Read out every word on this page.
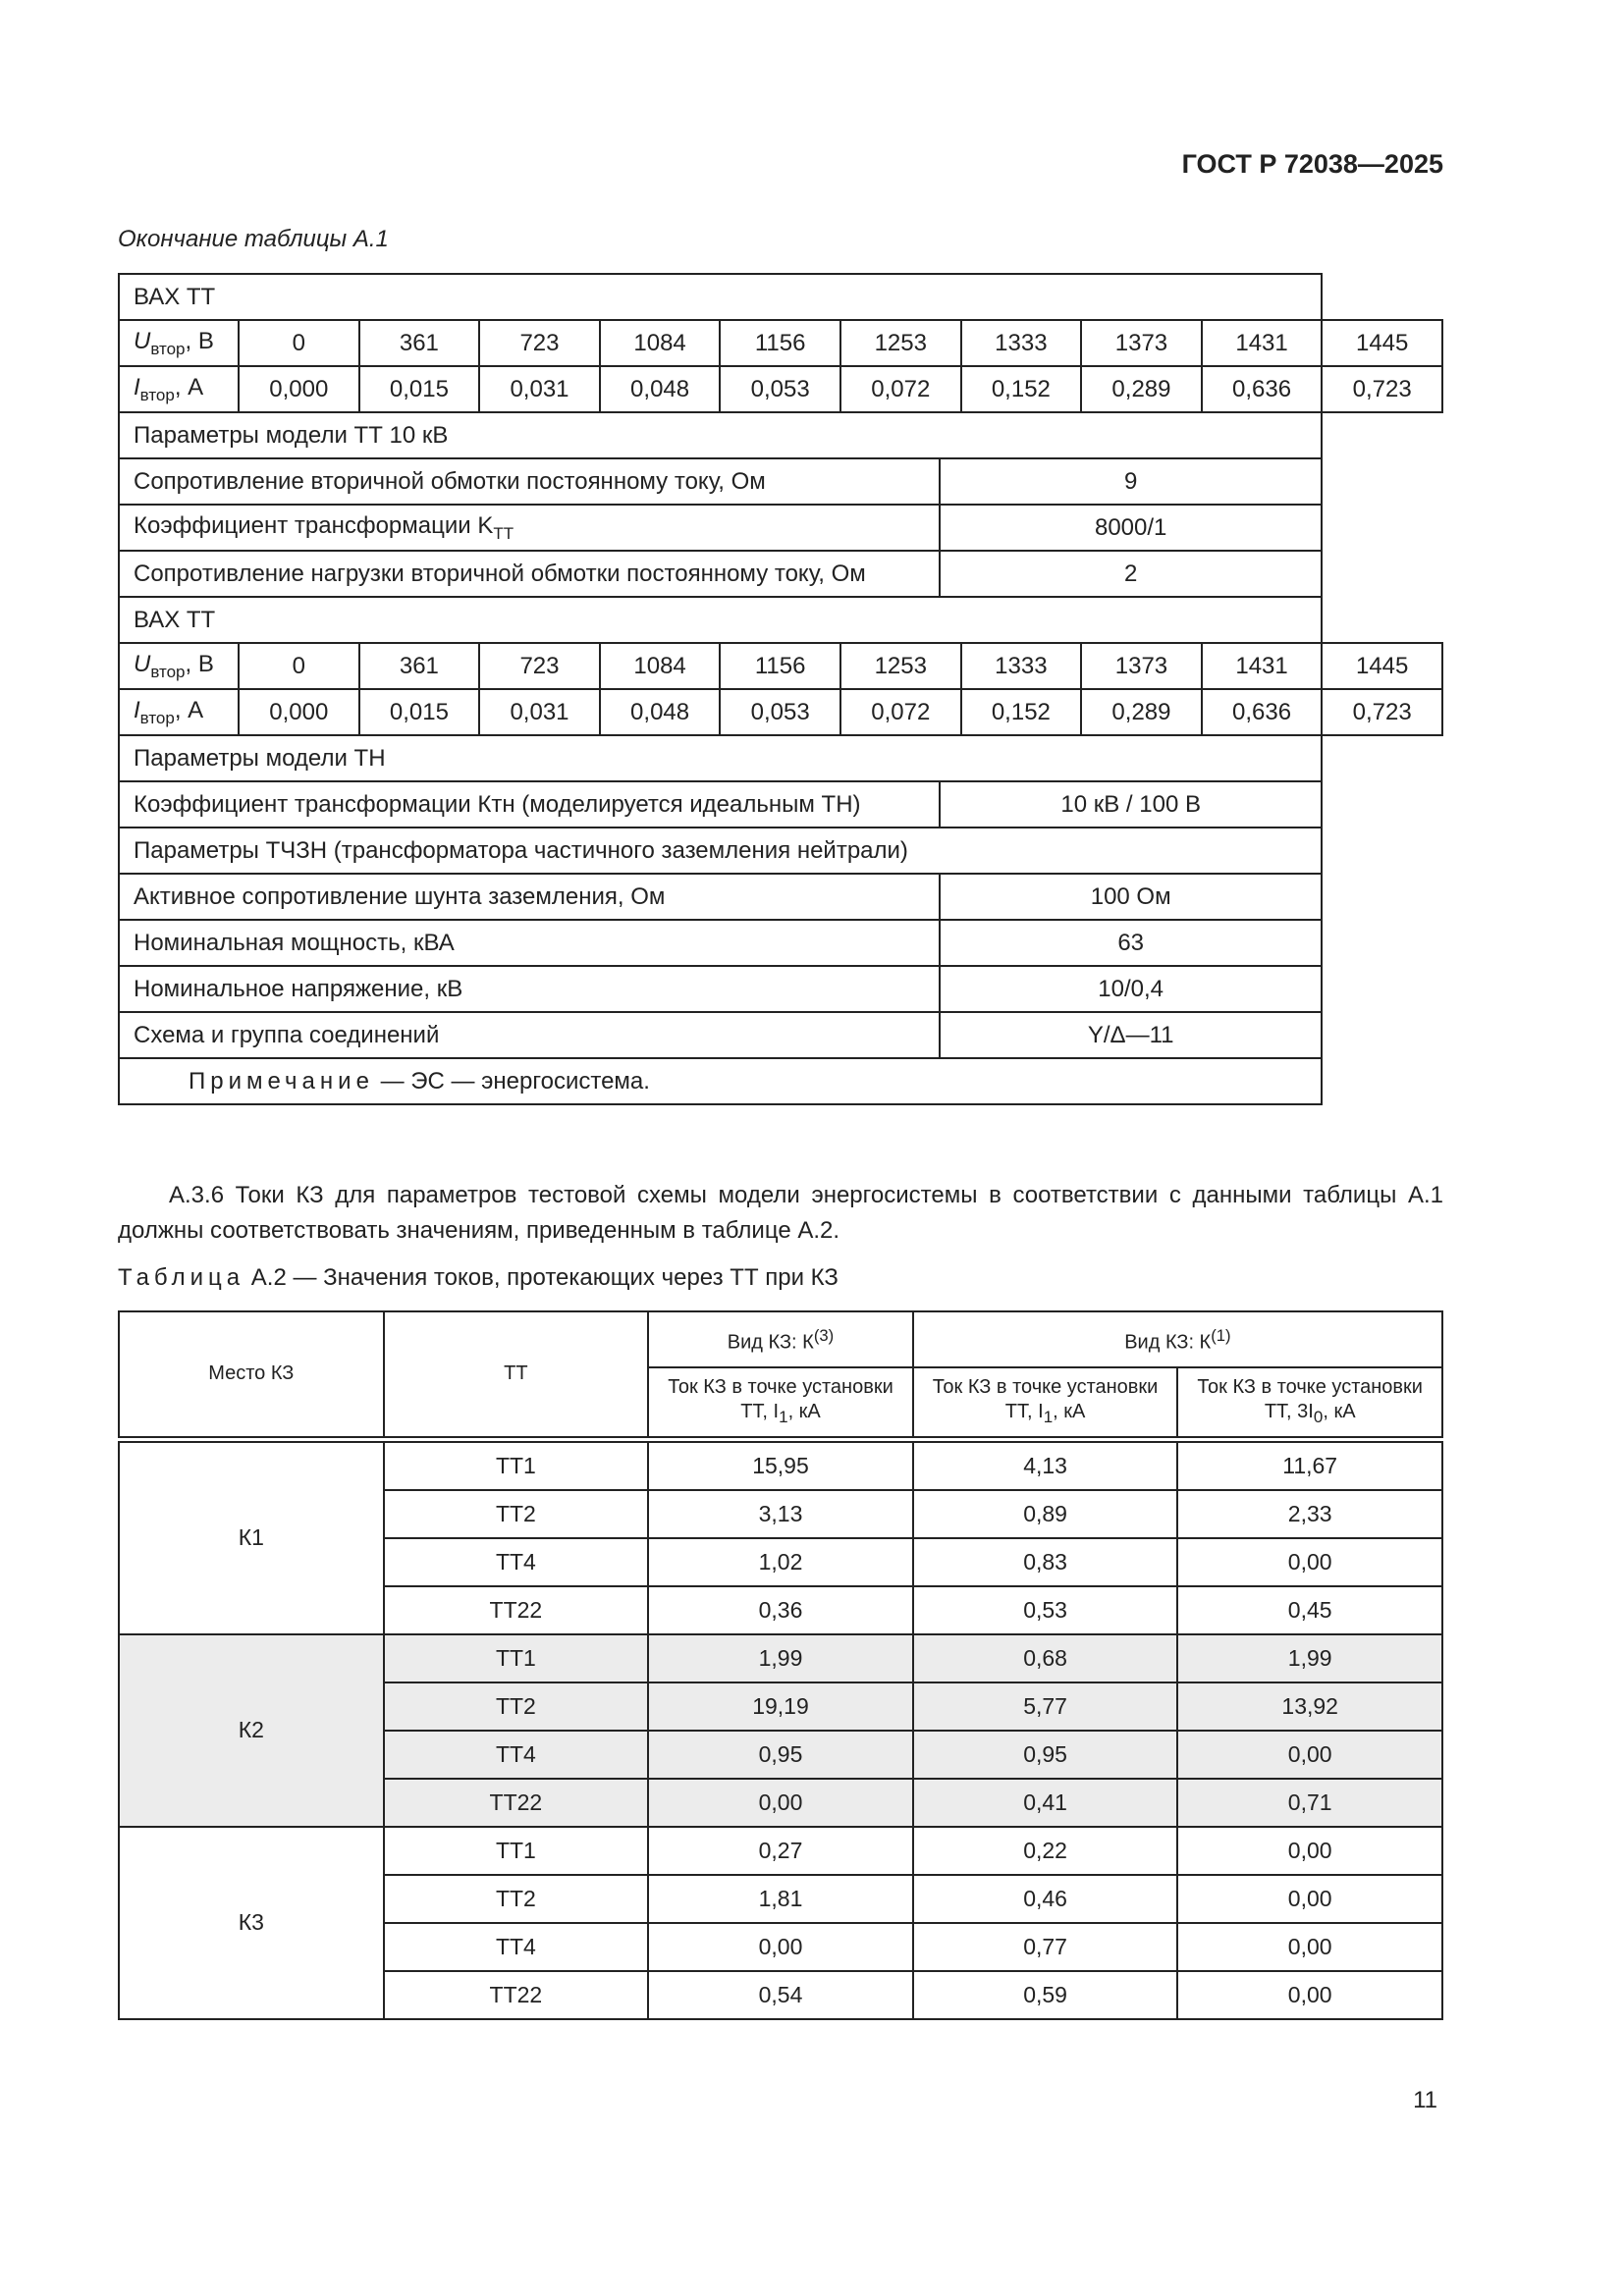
ГОСТ Р 72038—2025
Окончание таблицы А.1
ВАХ ТТ
$U_{втор}$, В	0	361	723	1084	1156	1253	1333	1373	1431	1445
$I_{втор}$, А	0,000	0,015	0,031	0,048	0,053	0,072	0,152	0,289	0,636	0,723
Параметры модели ТТ 10 кВ

Сопротивление вторичной обмотки постоянному току, Ом	9

Коэффициент трансформации $K_{ТТ}$	8000/1

Сопротивление нагрузки вторичной обмотки постоянному току, Ом	2

ВАХ ТТ
$U_{втор}$, В	0	361	723	1084	1156	1253	1333	1373	1431	1445
$I_{втор}$, А	0,000	0,015	0,031	0,048	0,053	0,072	0,152	0,289	0,636	0,723
Параметры модели ТН

Коэффициент трансформации Ктн (моделируется идеальным ТН)	10 кВ / 100 В

Параметры ТЧЗН (трансформатора частичного заземления нейтрали)

Активное сопротивление шунта заземления, Ом	100 Ом

Номинальная мощность, кВА	63

Номинальное напряжение, кВ	10/0,4

Схема и группа соединений	Y/Δ—11

Примечание — ЭС — энергосистема.
А.3.6 Токи КЗ для параметров тестовой схемы модели энергосистемы в соответствии с данными таблицы А.1 должны соответствовать значениям, приведенным в таблице А.2.
Таблица А.2 — Значения токов, протекающих через ТТ при КЗ
Место КЗ	ТТ	Вид КЗ: $К^{(3)}$	Вид КЗ: $К^{(1)}$
		Ток КЗ в точке установки ТТ, $I_1$, кА	Ток КЗ в точке установки ТТ, $I_1$, кА	Ток КЗ в точке установки ТТ, $3I_0$, кА
К1	ТТ1	15,95	4,13	11,67
	ТТ2	3,13	0,89	2,33
	ТТ4	1,02	0,83	0,00
	ТТ22	0,36	0,53	0,45
К2	ТТ1	1,99	0,68	1,99
	ТТ2	19,19	5,77	13,92
	ТТ4	0,95	0,95	0,00
	ТТ22	0,00	0,41	0,71
К3	ТТ1	0,27	0,22	0,00
	ТТ2	1,81	0,46	0,00
	ТТ4	0,00	0,77	0,00
	ТТ22	0,54	0,59	0,00
11
